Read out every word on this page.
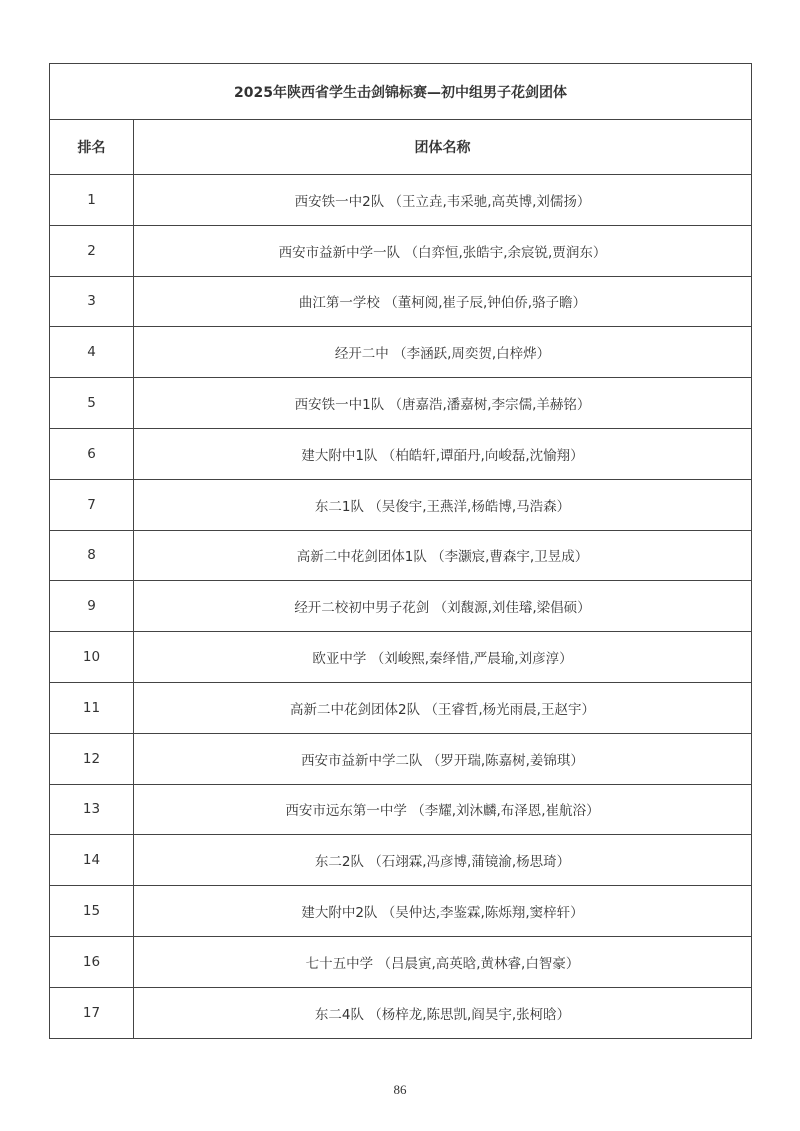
2025年陕西省学生击剑锦标赛—初中组男子花剑团体	
排名	团体名称
1	西安铁一中2队 （王立垚,韦采驰,高英博,刘儒扬）
2	西安市益新中学一队 （白弈恒,张皓宇,余宸锐,贾润东）
3	曲江第一学校 （董柯阅,崔子辰,钟伯侨,骆子瞻）
4	经开二中 （李涵跃,周奕贺,白梓烨）
5	西安铁一中1队 （唐嘉浩,潘嘉树,李宗儒,羊赫铭）
6	建大附中1队 （柏皓轩,谭皕丹,向峻磊,沈愉翔）
7	东二1队 （吴俊宇,王燕洋,杨皓博,马浩森）
8	高新二中花剑团体1队 （李灏宸,曹森宇,卫昱成）
9	经开二校初中男子花剑 （刘馥源,刘佳璿,梁倡硕）
10	欧亚中学 （刘峻熙,秦绎惜,严晨瑜,刘彦淳）
11	高新二中花剑团体2队 （王睿哲,杨光雨晨,王赵宇）
12	西安市益新中学二队 （罗开瑞,陈嘉树,姜锦琪）
13	西安市远东第一中学 （李耀,刘沐麟,布泽恩,崔航浴）
14	东二2队 （石翊霖,冯彦博,蒲镜渝,杨思琦）
15	建大附中2队 （吴仲达,李鉴霖,陈烁翔,窦梓轩）
16	七十五中学 （吕晨寅,高英晗,黄林睿,白智豪）
17	东二4队 （杨梓龙,陈思凯,阎昊宇,张柯晗）
86
